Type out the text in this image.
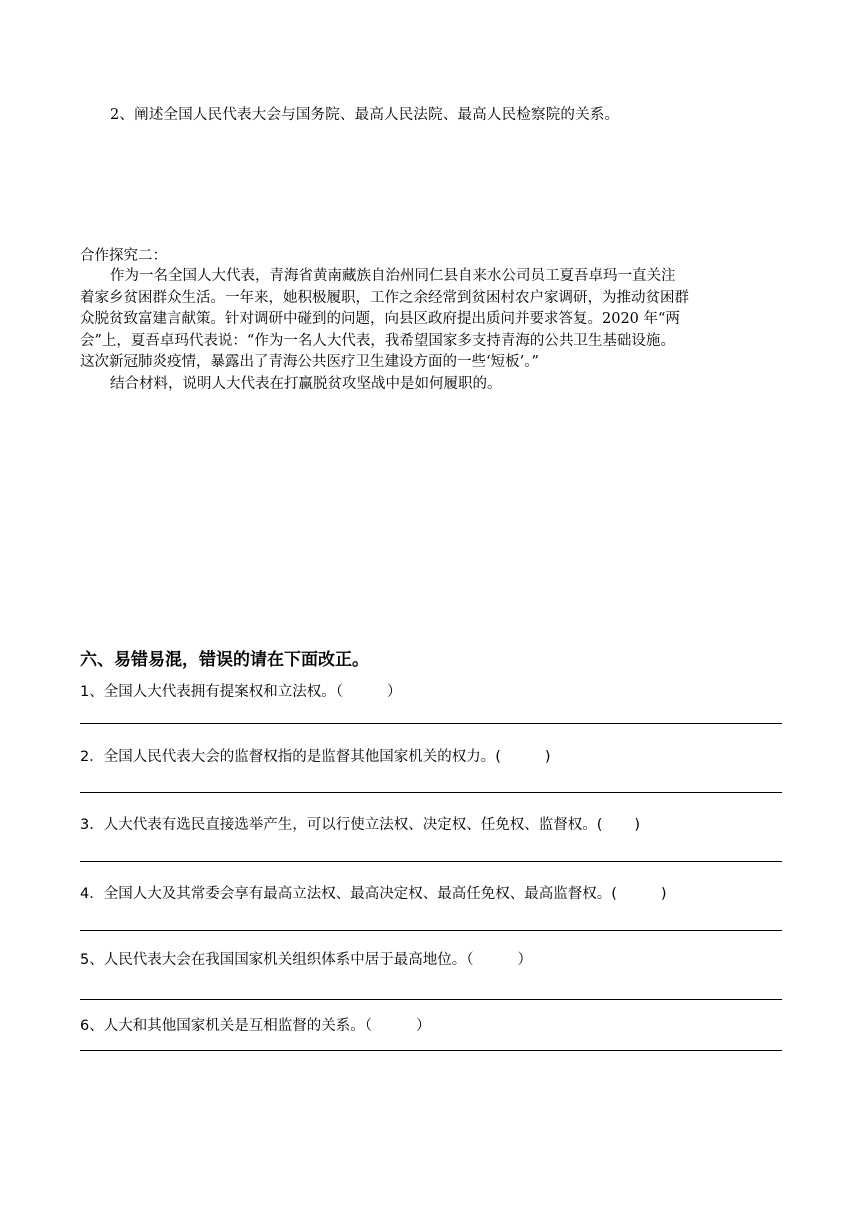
2、阐述全国人民代表大会与国务院、最高人民法院、最高人民检察院的关系。
合作探究二：
作为一名全国人大代表，青海省黄南藏族自治州同仁县自来水公司员工夏吾卓玛一直关注
着家乡贫困群众生活。一年来，她积极履职，工作之余经常到贫困村农户家调研，为推动贫困群
众脱贫致富建言献策。针对调研中碰到的问题，向县区政府提出质问并要求答复。2020 年“两
会”上，夏吾卓玛代表说：“作为一名人大代表，我希望国家多支持青海的公共卫生基础设施。
这次新冠肺炎疫情，暴露出了青海公共医疗卫生建设方面的一些‘短板’。”
结合材料，说明人大代表在打赢脱贫攻坚战中是如何履职的。
六、易错易混，错误的请在下面改正。
1、全国人大代表拥有提案权和立法权。（	）
2．全国人民代表大会的监督权指的是监督其他国家机关的权力。(	)
3．人大代表有选民直接选举产生，可以行使立法权、决定权、任免权、监督权。( )
4．全国人大及其常委会享有最高立法权、最高决定权、最高任免权、最高监督权。(	)
5、人民代表大会在我国国家机关组织体系中居于最高地位。（	）
6、人大和其他国家机关是互相监督的关系。（	）
